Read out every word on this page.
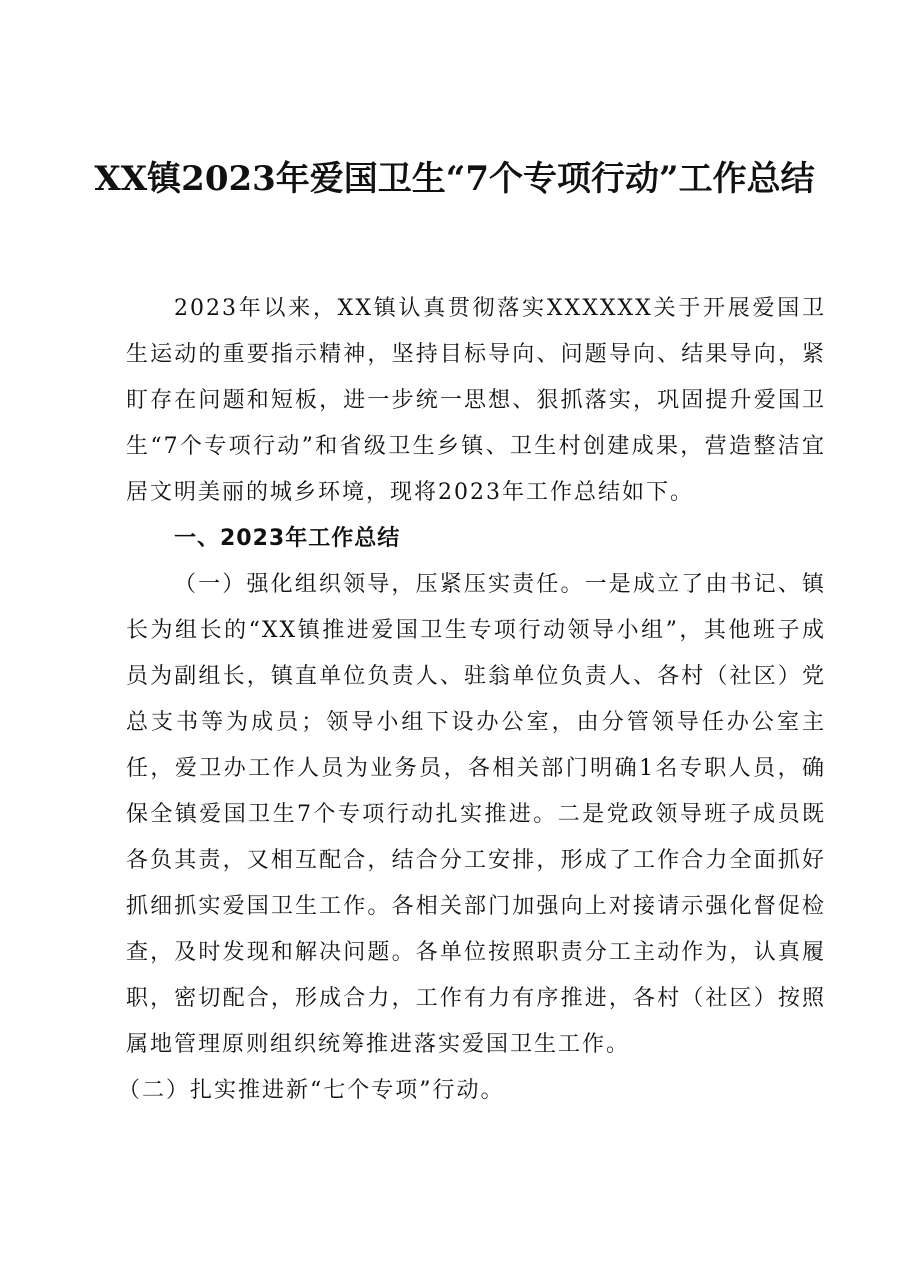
XX镇2023年爱国卫生“7个专项行动”工作总结

2023年以来，XX镇认真贯彻落实XXXXXX关于开展爱国卫生运动的重要指示精神，坚持目标导向、问题导向、结果导向，紧盯存在问题和短板，进一步统一思想、狠抓落实，巩固提升爱国卫生“7个专项行动”和省级卫生乡镇、卫生村创建成果，营造整洁宜居文明美丽的城乡环境，现将2023年工作总结如下。

一、2023年工作总结

（一）强化组织领导，压紧压实责任。一是成立了由书记、镇长为组长的“XX镇推进爱国卫生专项行动领导小组”，其他班子成员为副组长，镇直单位负责人、驻翁单位负责人、各村（社区）党总支书等为成员；领导小组下设办公室，由分管领导任办公室主任，爱卫办工作人员为业务员，各相关部门明确1名专职人员，确保全镇爱国卫生7个专项行动扎实推进。二是党政领导班子成员既各负其责，又相互配合，结合分工安排，形成了工作合力全面抓好抓细抓实爱国卫生工作。各相关部门加强向上对接请示强化督促检查，及时发现和解决问题。各单位按照职责分工主动作为，认真履职，密切配合，形成合力，工作有力有序推进，各村（社区）按照属地管理原则组织统筹推进落实爱国卫生工作。

（二）扎实推进新“七个专项”行动。
